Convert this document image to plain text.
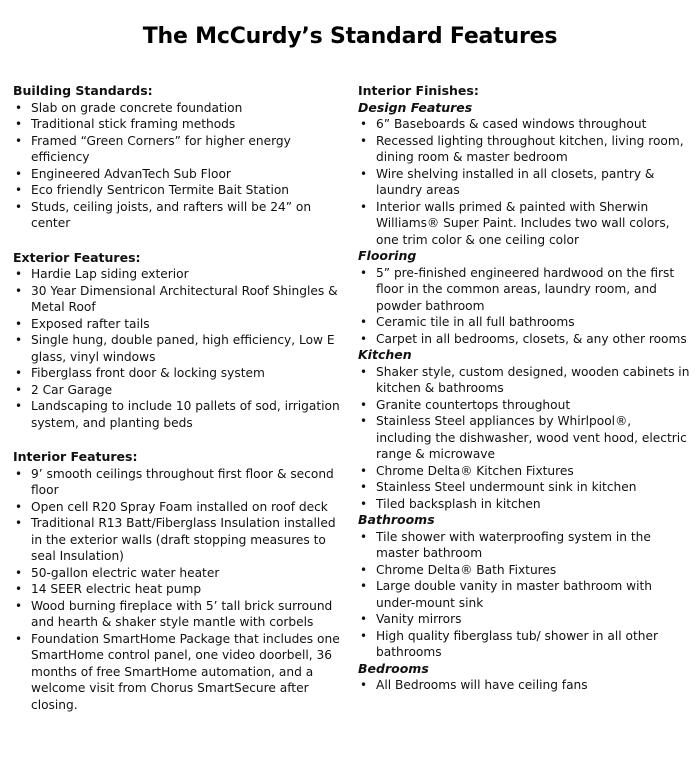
The McCurdy’s Standard Features
Building Standards:
• Slab on grade concrete foundation
• Traditional stick framing methods
• Framed “Green Corners” for higher energy efficiency
• Engineered AdvanTech Sub Floor
• Eco friendly Sentricon Termite Bait Station
• Studs, ceiling joists, and rafters will be 24” on center
Exterior Features:
• Hardie Lap siding exterior
• 30 Year Dimensional Architectural Roof Shingles & Metal Roof
• Exposed rafter tails
• Single hung, double paned, high efficiency, Low E glass, vinyl windows
• Fiberglass front door & locking system
• 2 Car Garage
• Landscaping to include 10 pallets of sod, irrigation system, and planting beds
Interior Features:
• 9’ smooth ceilings throughout first floor & second floor
• Open cell R20 Spray Foam installed on roof deck
• Traditional R13 Batt/Fiberglass Insulation installed in the exterior walls (draft stopping measures to seal Insulation)
• 50-gallon electric water heater
• 14 SEER electric heat pump
• Wood burning fireplace with 5’ tall brick surround and hearth & shaker style mantle with corbels
• Foundation SmartHome Package that includes one SmartHome control panel, one video doorbell, 36 months of free SmartHome automation, and a welcome visit from Chorus SmartSecure after closing.
Interior Finishes:
Design Features
• 6” Baseboards & cased windows throughout
• Recessed lighting throughout kitchen, living room, dining room & master bedroom
• Wire shelving installed in all closets, pantry & laundry areas
• Interior walls primed & painted with Sherwin Williams® Super Paint. Includes two wall colors, one trim color & one ceiling color
Flooring
• 5” pre-finished engineered hardwood on the first floor in the common areas, laundry room, and powder bathroom
• Ceramic tile in all full bathrooms
• Carpet in all bedrooms, closets, & any other rooms
Kitchen
• Shaker style, custom designed, wooden cabinets in kitchen & bathrooms
• Granite countertops throughout
• Stainless Steel appliances by Whirlpool®, including the dishwasher, wood vent hood, electric range & microwave
• Chrome Delta® Kitchen Fixtures
• Stainless Steel undermount sink in kitchen
• Tiled backsplash in kitchen
Bathrooms
• Tile shower with waterproofing system in the master bathroom
• Chrome Delta® Bath Fixtures
• Large double vanity in master bathroom with under-mount sink
• Vanity mirrors
• High quality fiberglass tub/ shower in all other bathrooms
Bedrooms
• All Bedrooms will have ceiling fans
